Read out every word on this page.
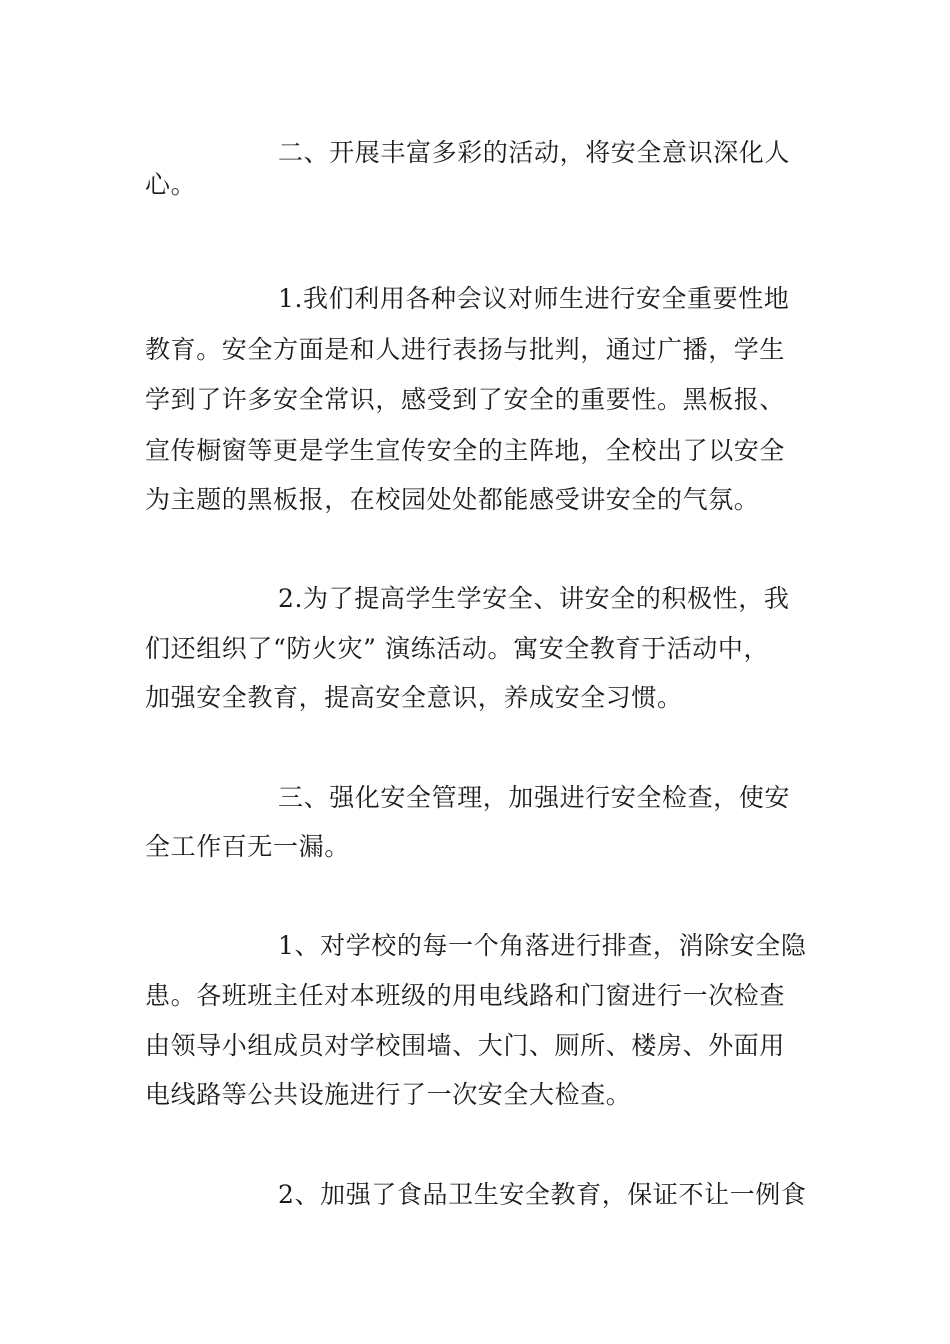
二、开展丰富多彩的活动，将安全意识深化人
心。
1.我们利用各种会议对师生进行安全重要性地
教育。安全方面是和人进行表扬与批判，通过广播，学生
学到了许多安全常识，感受到了安全的重要性。黑板报、
宣传橱窗等更是学生宣传安全的主阵地，全校出了以安全
为主题的黑板报，在校园处处都能感受讲安全的气氛。
2.为了提高学生学安全、讲安全的积极性，我
们还组织了“防火灾” 演练活动。寓安全教育于活动中，
加强安全教育，提高安全意识，养成安全习惯。
三、强化安全管理，加强进行安全检查，使安
全工作百无一漏。
1、对学校的每一个角落进行排查，消除安全隐
患。各班班主任对本班级的用电线路和门窗进行一次检查
由领导小组成员对学校围墙、大门、厕所、楼房、外面用
电线路等公共设施进行了一次安全大检查。
2、加强了食品卫生安全教育，保证不让一例食
